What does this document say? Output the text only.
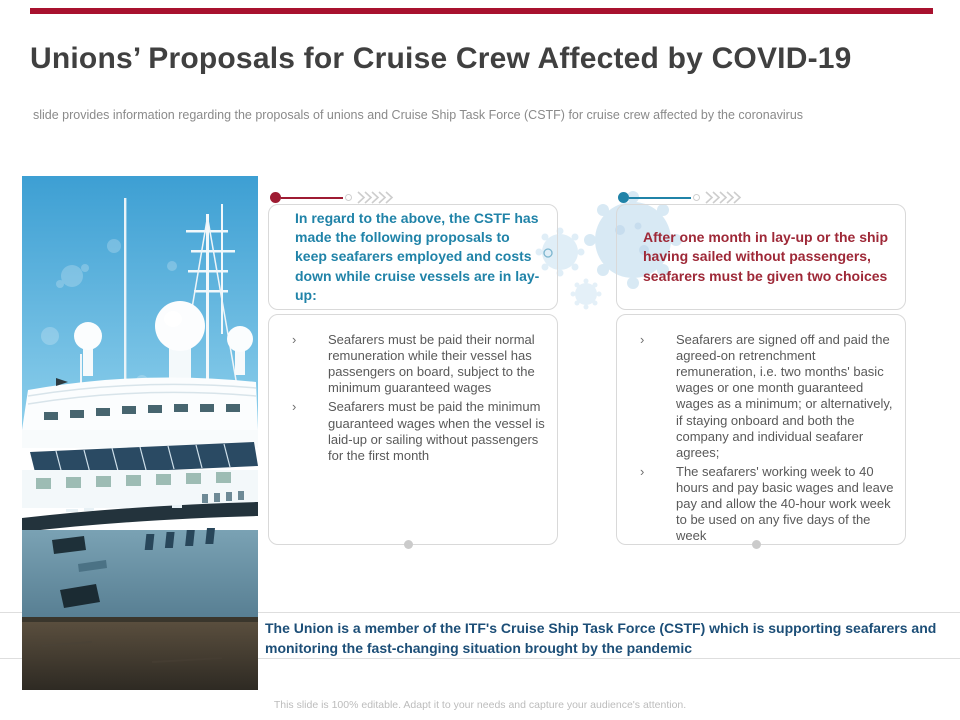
Unions’ Proposals for Cruise Crew Affected by COVID-19
slide provides information regarding the proposals of unions and Cruise Ship Task Force (CSTF) for cruise crew affected by the coronavirus
In regard to the above, the CSTF has made the following proposals to keep seafarers employed and costs down while cruise vessels are in lay-up:
›	Seafarers must be paid their normal remuneration while their vessel has passengers on board, subject to the minimum guaranteed wages
›	Seafarers must be paid the minimum guaranteed wages when the vessel is laid-up or sailing without passengers for the first month
After one month in lay-up or the ship having sailed without passengers, seafarers must be given two choices
›	Seafarers are signed off and paid the agreed-on retrenchment remuneration, i.e. two months' basic wages or one month guaranteed wages as a minimum; or alternatively, if staying onboard and both the company and individual seafarer agrees;
›	The seafarers' working week to 40 hours and pay basic wages and leave pay and allow the 40-hour work week to be used on any five days of the week
The Union is a member of the ITF's Cruise Ship Task Force (CSTF) which is supporting seafarers and monitoring the fast-changing situation brought by the pandemic
This slide is 100% editable. Adapt it to your needs and capture your audience's attention.
